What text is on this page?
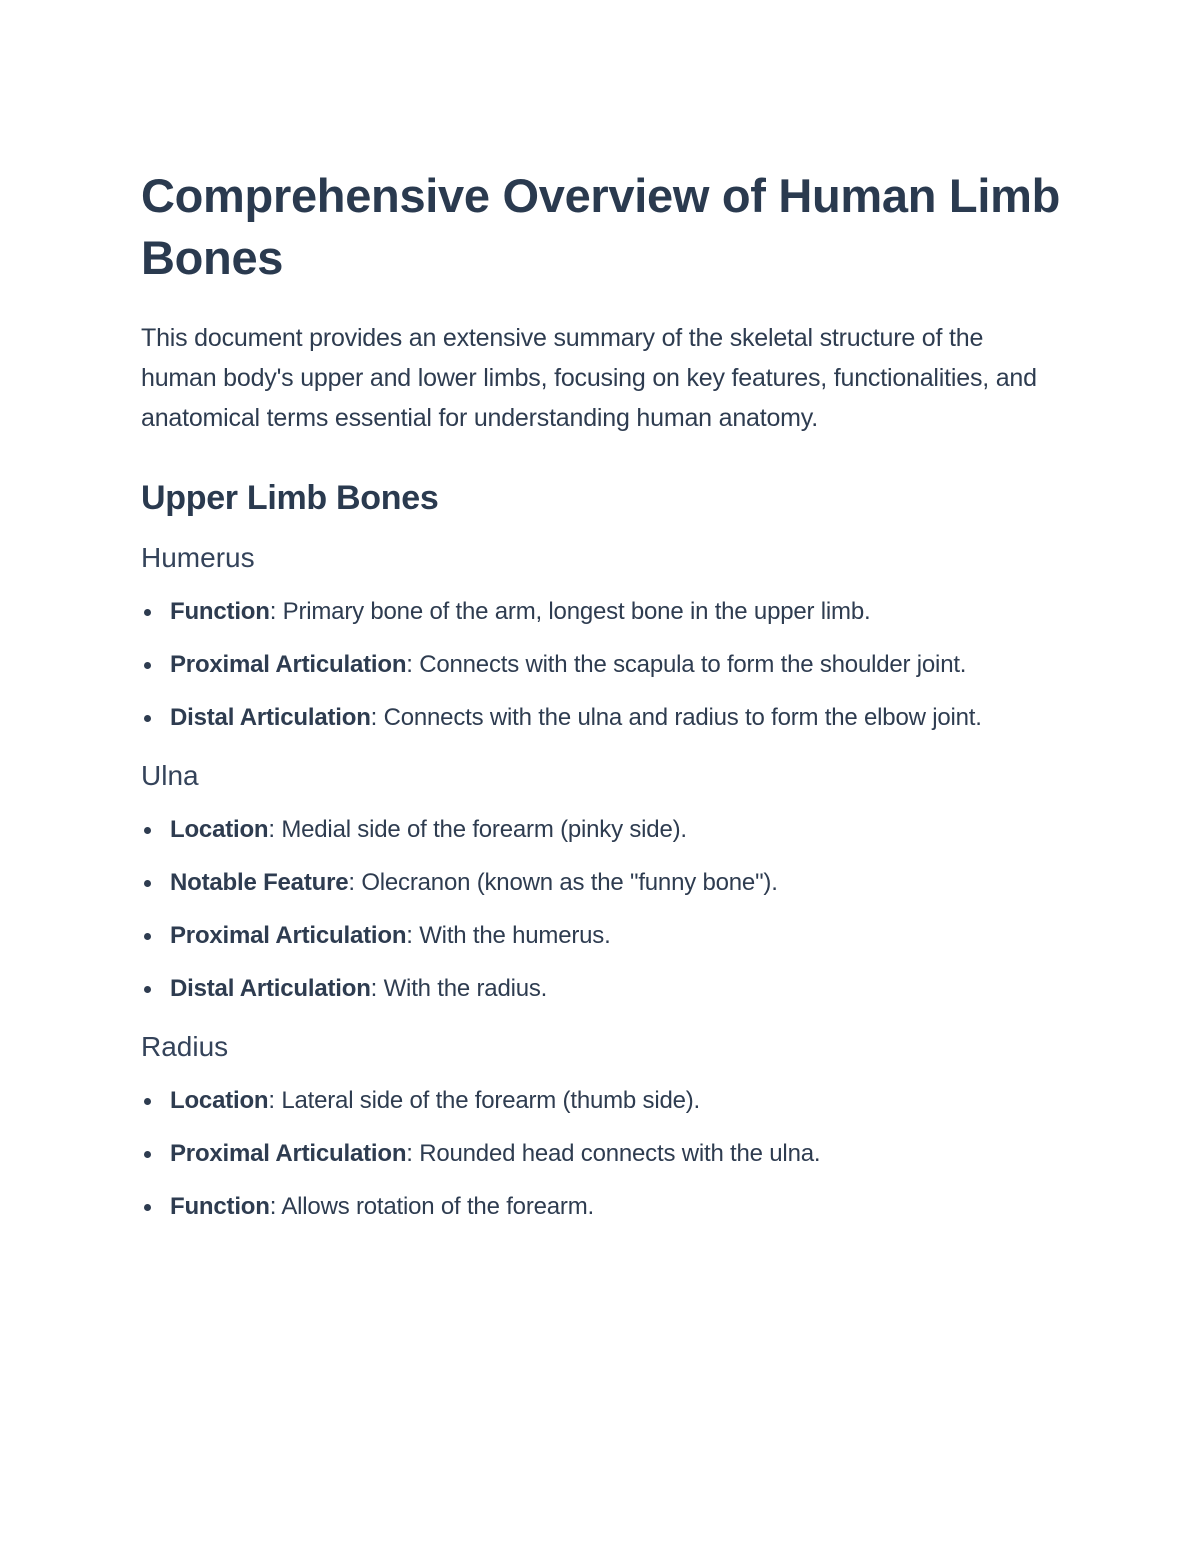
Comprehensive Overview of Human Limb Bones

This document provides an extensive summary of the skeletal structure of the human body's upper and lower limbs, focusing on key features, functionalities, and anatomical terms essential for understanding human anatomy.

Upper Limb Bones
Humerus
Function: Primary bone of the arm, longest bone in the upper limb.
Proximal Articulation: Connects with the scapula to form the shoulder joint.
Distal Articulation: Connects with the ulna and radius to form the elbow joint.
Ulna
Location: Medial side of the forearm (pinky side).
Notable Feature: Olecranon (known as the "funny bone").
Proximal Articulation: With the humerus.
Distal Articulation: With the radius.
Radius
Location: Lateral side of the forearm (thumb side).
Proximal Articulation: Rounded head connects with the ulna.
Function: Allows rotation of the forearm.
